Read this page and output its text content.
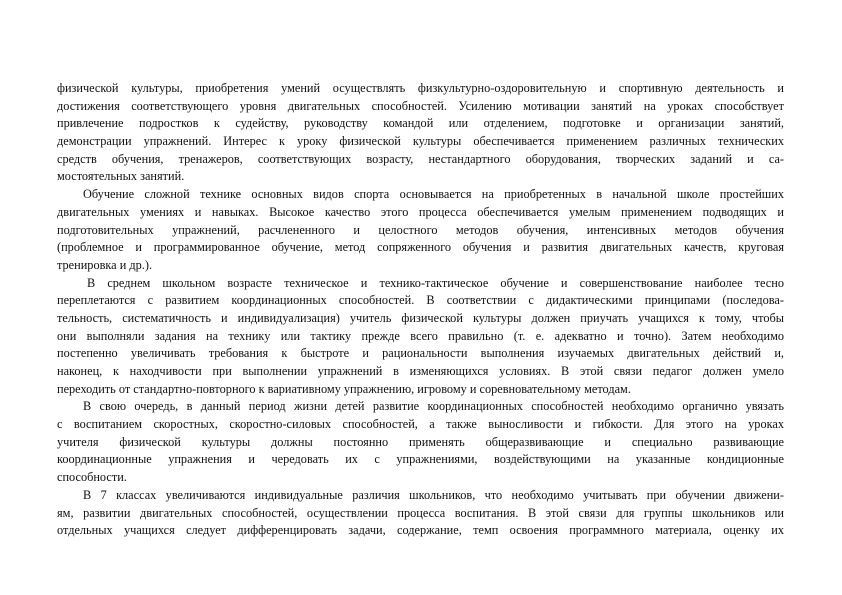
физической культуры, приобретения умений осуществлять физкультурно-оздоровительную и спортивную деятельность и
достижения соответствующего уровня двигательных способностей. Усилению мотивации занятий на уроках способствует
привлечение подростков к судейству, руководству командой или отделением, подготовке и организации занятий,
демонстрации упражнений. Интерес к уроку физической культуры обеспечивается применением различных технических
средств обучения, тренажеров, соответствующих возрасту, нестандартного оборудования, творческих заданий и са-
мостоятельных занятий.
Обучение сложной технике основных видов спорта основывается на приобретенных в начальной школе простейших
двигательных умениях и навыках. Высокое качество этого процесса обеспечивается умелым применением подводящих и
подготовительных упражнений, расчлененного и целостного методов обучения, интенсивных методов обучения
(проблемное и программированное обучение, метод сопряженного обучения и развития двигательных качеств, круговая
тренировка и др.).
В среднем школьном возрасте техническое и технико-тактическое обучение и совершенствование наиболее тесно
переплетаются с развитием координационных способностей. В соответствии с дидактическими принципами (последова-
тельность, систематичность и индивидуализация) учитель физической культуры должен приучать учащихся к тому, чтобы
они выполняли задания на технику или тактику прежде всего правильно (т. е. адекватно и точно). Затем необходимо
постепенно увеличивать требования к быстроте и рациональности выполнения изучаемых двигательных действий и,
наконец, к находчивости при выполнении упражнений в изменяющихся условиях. В этой связи педагог должен умело
переходить от стандартно-повторного к вариативному упражнению, игровому и соревновательному методам.
В свою очередь, в данный период жизни детей развитие координационных способностей необходимо органично увязать
с воспитанием скоростных, скоростно-силовых способностей, а также выносливости и гибкости. Для этого на уроках
учителя физической культуры должны постоянно применять общеразвивающие и специально развивающие
координационные упражнения и чередовать их с упражнениями, воздействующими на указанные кондиционные
способности.
В 7 классах увеличиваются индивидуальные различия школьников, что необходимо учитывать при обучении движени-
ям, развитии двигательных способностей, осуществлении процесса воспитания. В этой связи для группы школьников или
отдельных учащихся следует дифференцировать задачи, содержание, темп освоения программного материала, оценку их
